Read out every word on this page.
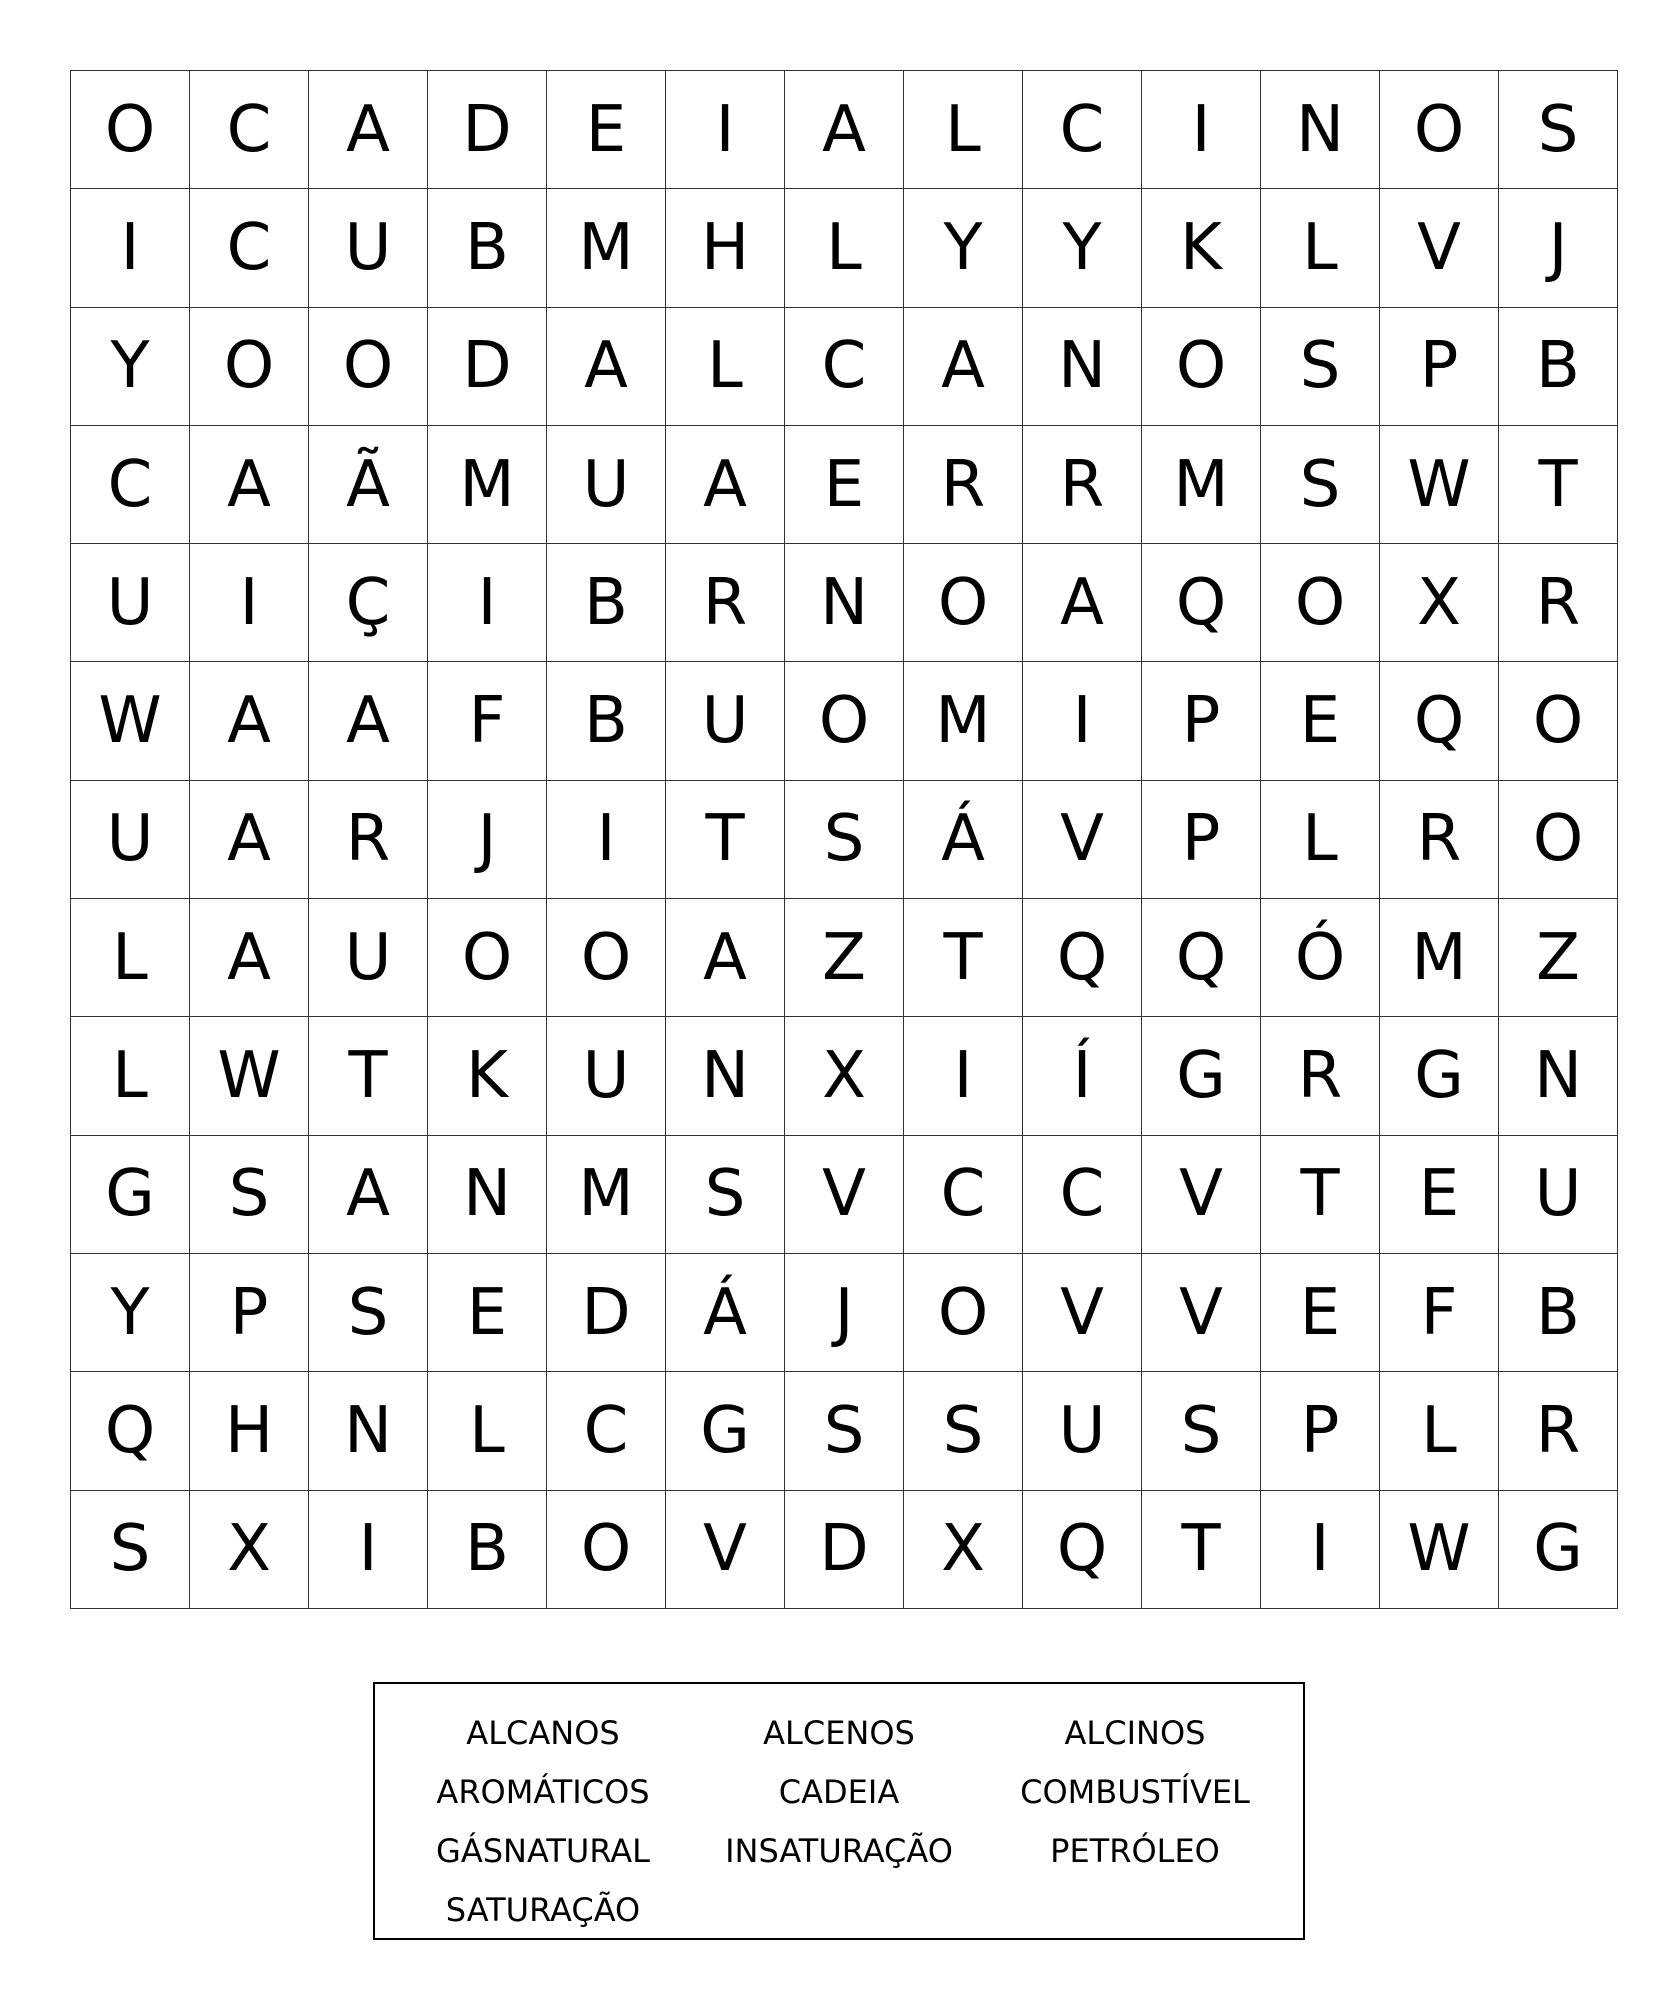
O	C	A	D	E	I	A	L	C	I	N	O	S
I	C	U	B	M	H	L	Y	Y	K	L	V	J
Y	O	O	D	A	L	C	A	N	O	S	P	B
C	A	Ã	M	U	A	E	R	R	M	S	W	T
U	I	Ç	I	B	R	N	O	A	Q	O	X	R
W	A	A	F	B	U	O	M	I	P	E	Q	O
U	A	R	J	I	T	S	Á	V	P	L	R	O
L	A	U	O	O	A	Z	T	Q	Q	Ó	M	Z
L	W	T	K	U	N	X	I	Í	G	R	G	N
G	S	A	N	M	S	V	C	C	V	T	E	U
Y	P	S	E	D	Á	J	O	V	V	E	F	B
Q	H	N	L	C	G	S	S	U	S	P	L	R
S	X	I	B	O	V	D	X	Q	T	I	W	G
ALCANOS
AROMÁTICOS
GÁSNATURAL
SATURAÇÃO
ALCENOS
CADEIA
INSATURAÇÃO
ALCINOS
COMBUSTÍVEL
PETRÓLEO
